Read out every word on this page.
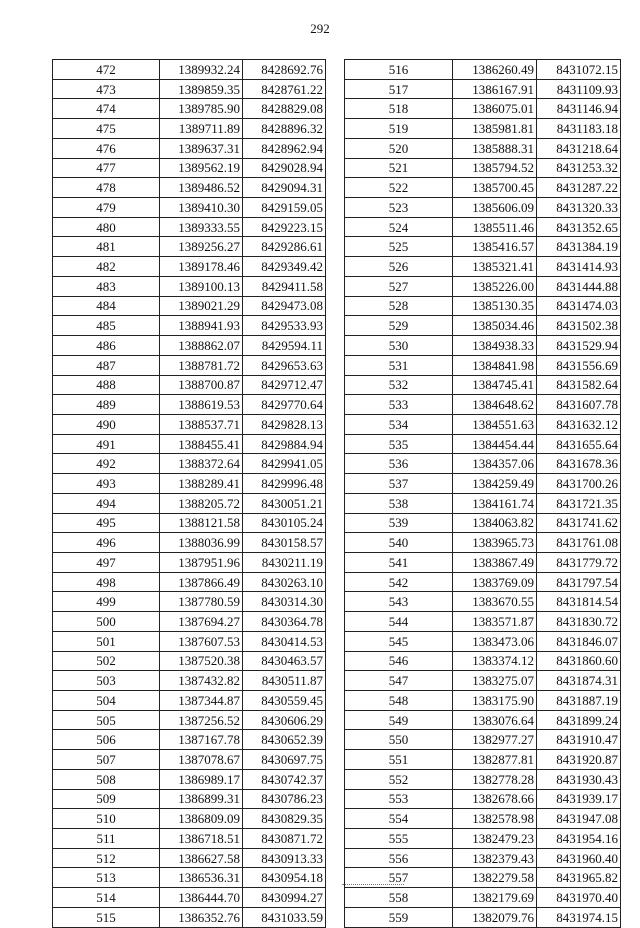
292
472	1389932.24	8428692.76
473	1389859.35	8428761.22
474	1389785.90	8428829.08
475	1389711.89	8428896.32
476	1389637.31	8428962.94
477	1389562.19	8429028.94
478	1389486.52	8429094.31
479	1389410.30	8429159.05
480	1389333.55	8429223.15
481	1389256.27	8429286.61
482	1389178.46	8429349.42
483	1389100.13	8429411.58
484	1389021.29	8429473.08
485	1388941.93	8429533.93
486	1388862.07	8429594.11
487	1388781.72	8429653.63
488	1388700.87	8429712.47
489	1388619.53	8429770.64
490	1388537.71	8429828.13
491	1388455.41	8429884.94
492	1388372.64	8429941.05
493	1388289.41	8429996.48
494	1388205.72	8430051.21
495	1388121.58	8430105.24
496	1388036.99	8430158.57
497	1387951.96	8430211.19
498	1387866.49	8430263.10
499	1387780.59	8430314.30
500	1387694.27	8430364.78
501	1387607.53	8430414.53
502	1387520.38	8430463.57
503	1387432.82	8430511.87
504	1387344.87	8430559.45
505	1387256.52	8430606.29
506	1387167.78	8430652.39
507	1387078.67	8430697.75
508	1386989.17	8430742.37
509	1386899.31	8430786.23
510	1386809.09	8430829.35
511	1386718.51	8430871.72
512	1386627.58	8430913.33
513	1386536.31	8430954.18
514	1386444.70	8430994.27
515	1386352.76	8431033.59
516	1386260.49	8431072.15
517	1386167.91	8431109.93
518	1386075.01	8431146.94
519	1385981.81	8431183.18
520	1385888.31	8431218.64
521	1385794.52	8431253.32
522	1385700.45	8431287.22
523	1385606.09	8431320.33
524	1385511.46	8431352.65
525	1385416.57	8431384.19
526	1385321.41	8431414.93
527	1385226.00	8431444.88
528	1385130.35	8431474.03
529	1385034.46	8431502.38
530	1384938.33	8431529.94
531	1384841.98	8431556.69
532	1384745.41	8431582.64
533	1384648.62	8431607.78
534	1384551.63	8431632.12
535	1384454.44	8431655.64
536	1384357.06	8431678.36
537	1384259.49	8431700.26
538	1384161.74	8431721.35
539	1384063.82	8431741.62
540	1383965.73	8431761.08
541	1383867.49	8431779.72
542	1383769.09	8431797.54
543	1383670.55	8431814.54
544	1383571.87	8431830.72
545	1383473.06	8431846.07
546	1383374.12	8431860.60
547	1383275.07	8431874.31
548	1383175.90	8431887.19
549	1383076.64	8431899.24
550	1382977.27	8431910.47
551	1382877.81	8431920.87
552	1382778.28	8431930.43
553	1382678.66	8431939.17
554	1382578.98	8431947.08
555	1382479.23	8431954.16
556	1382379.43	8431960.40
557	1382279.58	8431965.82
558	1382179.69	8431970.40
559	1382079.76	8431974.15
